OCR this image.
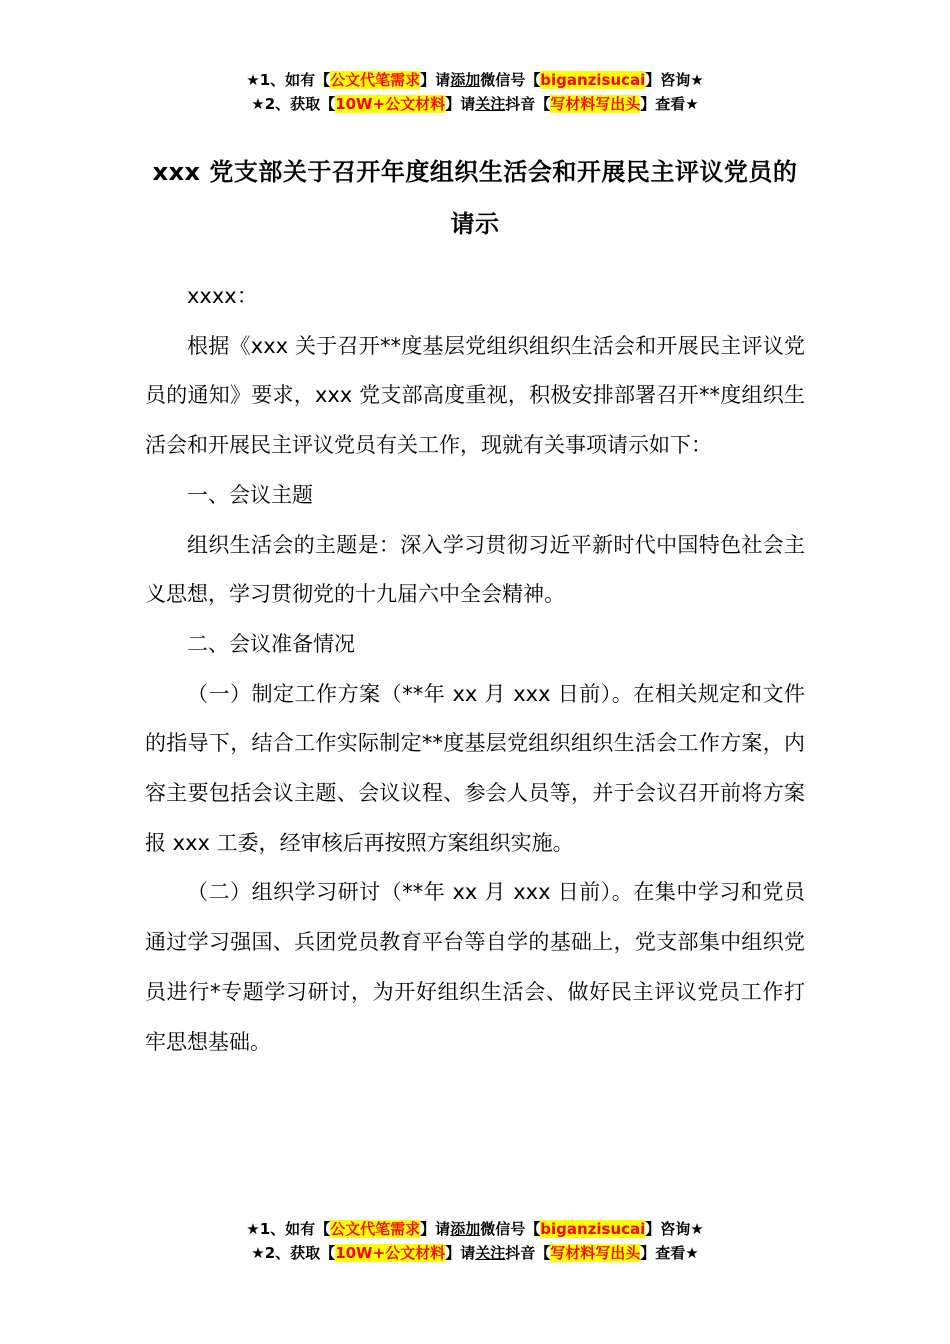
★1、如有【公文代笔需求】请添加微信号【biganzisucai】咨询★
★2、获取【10W+公文材料】请关注抖音【写材料写出头】查看★
xxx 党支部关于召开年度组织生活会和开展民主评议党员的请示

xxxx：

根据《xxx 关于召开**度基层党组织组织生活会和开展民主评议党员的通知》要求，xxx 党支部高度重视，积极安排部署召开**度组织生活会和开展民主评议党员有关工作，现就有关事项请示如下：

一、会议主题

组织生活会的主题是：深入学习贯彻习近平新时代中国特色社会主义思想，学习贯彻党的十九届六中全会精神。

二、会议准备情况

（一）制定工作方案（**年 xx 月 xxx 日前）。在相关规定和文件的指导下，结合工作实际制定**度基层党组织组织生活会工作方案，内容主要包括会议主题、会议议程、参会人员等，并于会议召开前将方案报 xxx 工委，经审核后再按照方案组织实施。

（二）组织学习研讨（**年 xx 月 xxx 日前）。在集中学习和党员通过学习强国、兵团党员教育平台等自学的基础上，党支部集中组织党员进行*专题学习研讨，为开好组织生活会、做好民主评议党员工作打牢思想基础。

★1、如有【公文代笔需求】请添加微信号【biganzisucai】咨询★
★2、获取【10W+公文材料】请关注抖音【写材料写出头】查看★
